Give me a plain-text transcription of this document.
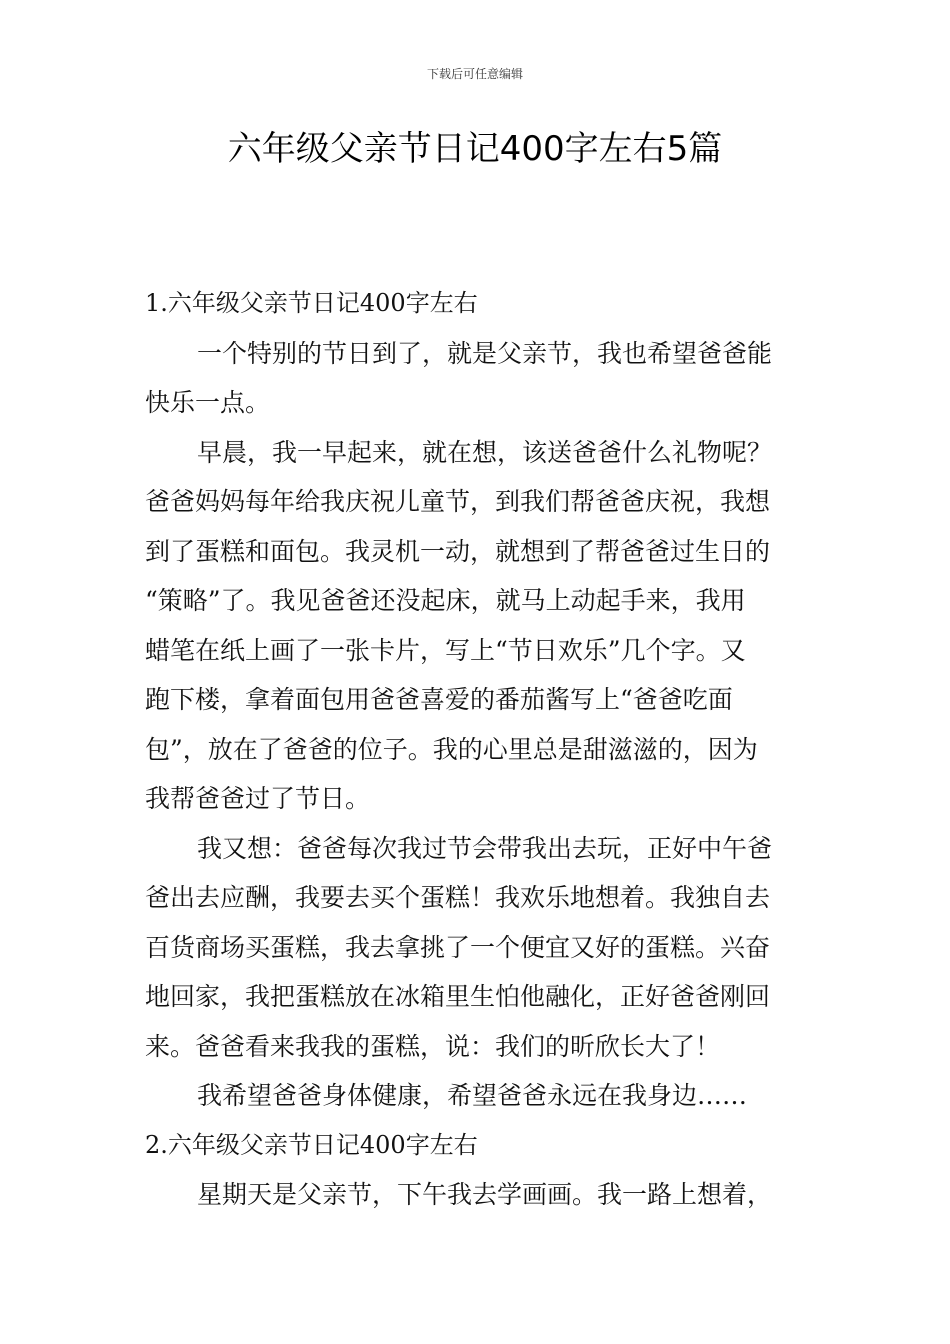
下载后可任意编辑
六年级父亲节日记400字左右5篇
1.六年级父亲节日记400字左右
一个特别的节日到了，就是父亲节，我也希望爸爸能
快乐一点。
早晨，我一早起来，就在想，该送爸爸什么礼物呢？
爸爸妈妈每年给我庆祝儿童节，到我们帮爸爸庆祝，我想
到了蛋糕和面包。我灵机一动，就想到了帮爸爸过生日的
“策略”了。我见爸爸还没起床，就马上动起手来，我用
蜡笔在纸上画了一张卡片，写上“节日欢乐”几个字。又
跑下楼，拿着面包用爸爸喜爱的番茄酱写上“爸爸吃面
包”，放在了爸爸的位子。我的心里总是甜滋滋的，因为
我帮爸爸过了节日。
我又想：爸爸每次我过节会带我出去玩，正好中午爸
爸出去应酬，我要去买个蛋糕！我欢乐地想着。我独自去
百货商场买蛋糕，我去拿挑了一个便宜又好的蛋糕。兴奋
地回家，我把蛋糕放在冰箱里生怕他融化，正好爸爸刚回
来。爸爸看来我我的蛋糕，说：我们的昕欣长大了！
我希望爸爸身体健康，希望爸爸永远在我身边……
2.六年级父亲节日记400字左右
星期天是父亲节，下午我去学画画。我一路上想着，
